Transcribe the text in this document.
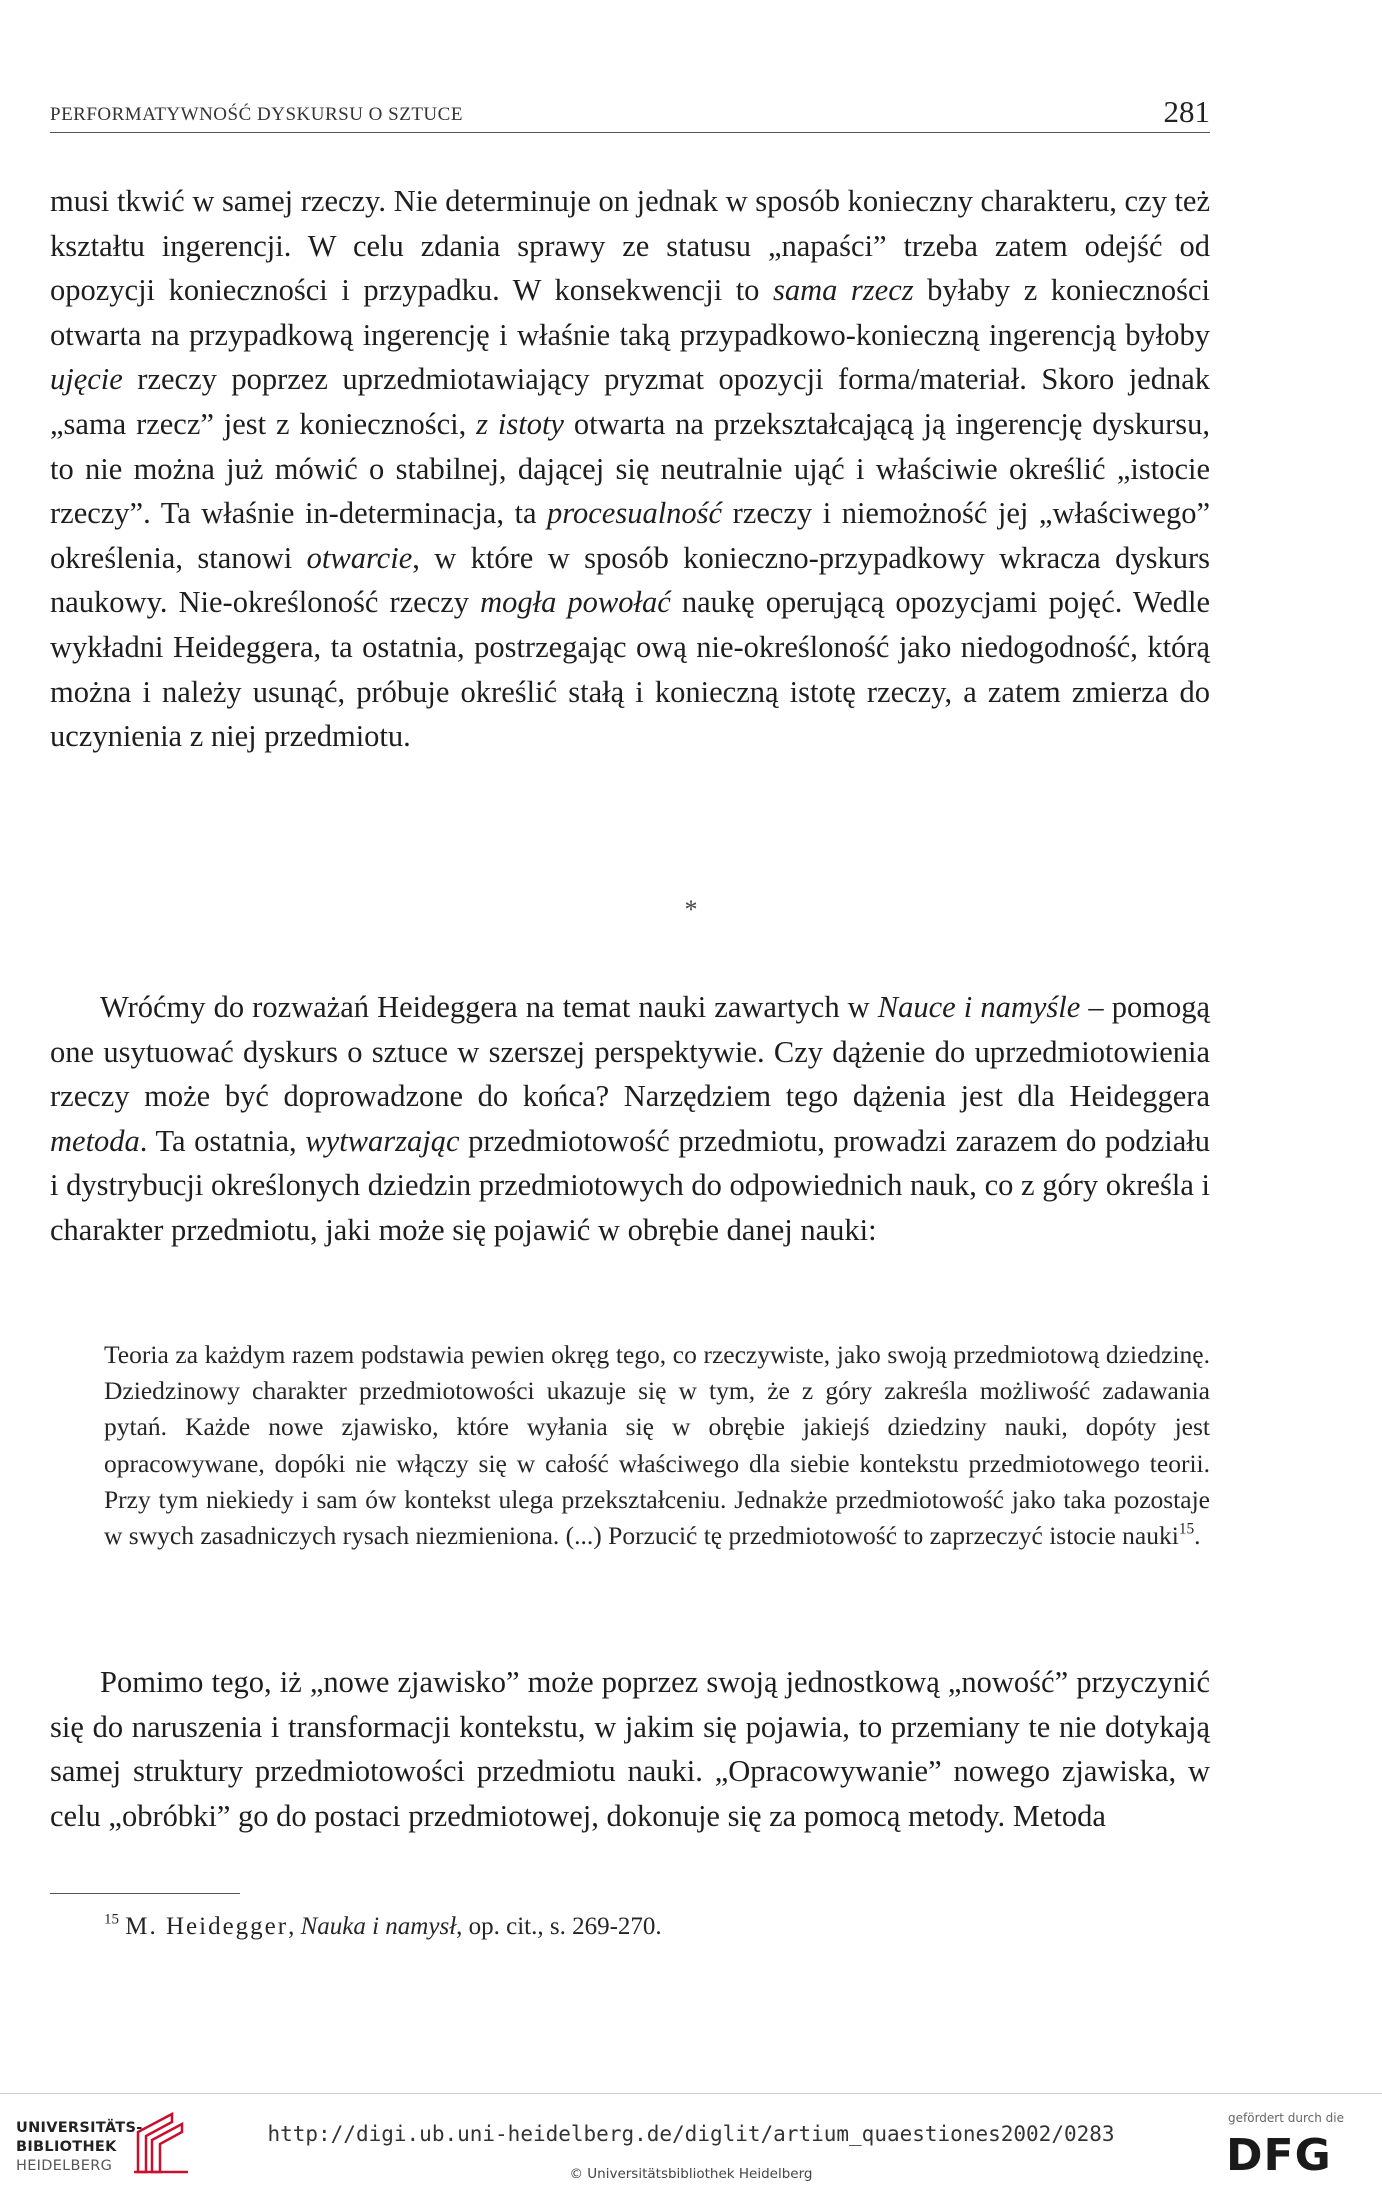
PERFORMATYWNOŚĆ DYSKURSU O SZTUCE	281

musi tkwić w samej rzeczy. Nie determinuje on jednak w sposób konieczny charakteru, czy też kształtu ingerencji. W celu zdania sprawy ze statusu „napaści” trzeba zatem odejść od opozycji konieczności i przypadku. W konsekwencji to sama rzecz byłaby z konieczności otwarta na przypadkową ingerencję i właśnie taką przypadkowo-konieczną ingerencją byłoby ujęcie rzeczy poprzez uprzedmiotawiający pryzmat opozycji forma/materiał. Skoro jednak „sama rzecz” jest z konieczności, z istoty otwarta na przekształcającą ją ingerencję dyskursu, to nie można już mówić o stabilnej, dającej się neutralnie ująć i właściwie określić „istocie rzeczy”. Ta właśnie in-determinacja, ta procesualność rzeczy i niemożność jej „właściwego” określenia, stanowi otwarcie, w które w sposób konieczno-przypadkowy wkracza dyskurs naukowy. Nie-określoność rzeczy mogła powołać naukę operującą opozycjami pojęć. Wedle wykładni Heideggera, ta ostatnia, postrzegając ową nie-określoność jako niedogodność, którą można i należy usunąć, próbuje określić stałą i konieczną istotę rzeczy, a zatem zmierza do uczynienia z niej przedmiotu.

*

Wróćmy do rozważań Heideggera na temat nauki zawartych w Nauce i namyśle – pomogą one usytuować dyskurs o sztuce w szerszej perspektywie. Czy dążenie do uprzedmiotowienia rzeczy może być doprowadzone do końca? Narzędziem tego dążenia jest dla Heideggera metoda. Ta ostatnia, wytwarzając przedmiotowość przedmiotu, prowadzi zarazem do podziału i dystrybucji określonych dziedzin przedmiotowych do odpowiednich nauk, co z góry określa i charakter przedmiotu, jaki może się pojawić w obrębie danej nauki:

Teoria za każdym razem podstawia pewien okręg tego, co rzeczywiste, jako swoją przedmiotową dziedzinę. Dziedzinowy charakter przedmiotowości ukazuje się w tym, że z góry zakreśla możliwość zadawania pytań. Każde nowe zjawisko, które wyłania się w obrębie jakiejś dziedziny nauki, dopóty jest opracowywane, dopóki nie włączy się w całość właściwego dla siebie kontekstu przedmiotowego teorii. Przy tym niekiedy i sam ów kontekst ulega przekształceniu. Jednakże przedmiotowość jako taka pozostaje w swych zasadniczych rysach niezmieniona. (...) Porzucić tę przedmiotowość to zaprzeczyć istocie nauki$^{15}$.

Pomimo tego, iż „nowe zjawisko” może poprzez swoją jednostkową „nowość” przyczynić się do naruszenia i transformacji kontekstu, w jakim się pojawia, to przemiany te nie dotykają samej struktury przedmiotowości przedmiotu nauki. „Opracowywanie” nowego zjawiska, w celu „obróbki” go do postaci przedmiotowej, dokonuje się za pomocą metody. Metoda

$^{15}$ M. Heidegger, Nauka i namysł, op. cit., s. 269-270.
UNIVERSITÄTS-
BIBLIOTHEK
HEIDELBERG
http://digi.ub.uni-heidelberg.de/diglit/artium_quaestiones2002/0283
© Universitätsbibliothek Heidelberg
gefördert durch die
DFG
